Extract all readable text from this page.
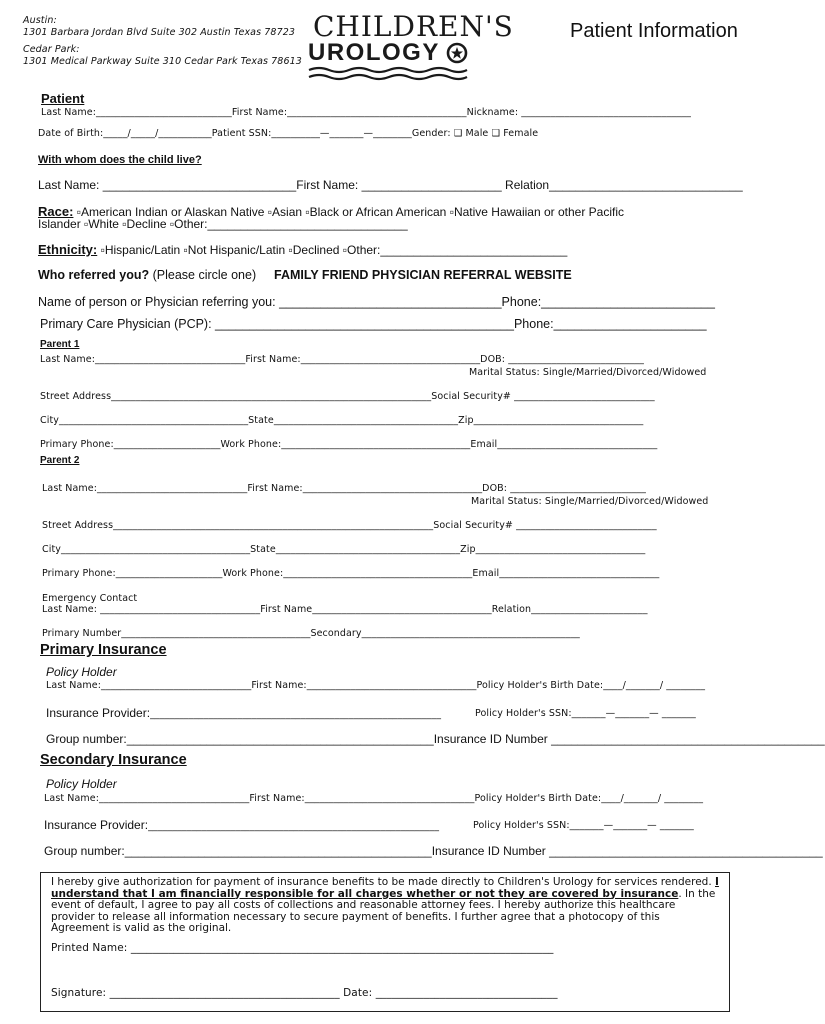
Austin:
1301 Barbara Jordan Blvd Suite 302 Austin Texas 78723
Cedar Park:
1301 Medical Parkway Suite 310 Cedar Park Texas 78613
CHILDREN'S
UROLOGY
Patient Information
Patient
Last Name:____________________________First Name:_____________________________________Nickname: ___________________________________
Date of Birth:_____/_____/___________Patient SSN:__________—_______—________Gender: ❑ Male ❑ Female
With whom does the child live?
Last Name: _____________________________First Name: _____________________ Relation_____________________________
Race: ▫American Indian or Alaskan Native ▫Asian ▫Black or African American ▫Native Hawaiian or other Pacific
Islander ▫White ▫Decline ▫Other:______________________________
Ethnicity: ▫Hispanic/Latin ▫Not Hispanic/Latin ▫Declined ▫Other:____________________________
Who referred you? (Please circle one) FAMILY FRIEND PHYSICIAN REFERRAL WEBSITE
Name of person or Physician referring you: ________________________________Phone:_________________________
Primary Care Physician (PCP): ___________________________________________Phone:______________________
Parent 1
Last Name:_______________________________First Name:_____________________________________DOB: ____________________________
Marital Status: Single/Married/Divorced/Widowed
Street Address__________________________________________________________________Social Security# _____________________________
City_______________________________________State______________________________________Zip___________________________________
Primary Phone:______________________Work Phone:_______________________________________Email_________________________________
Parent 2
Last Name:_______________________________First Name:_____________________________________DOB: ____________________________
Marital Status: Single/Married/Divorced/Widowed
Street Address__________________________________________________________________Social Security# _____________________________
City_______________________________________State______________________________________Zip___________________________________
Primary Phone:______________________Work Phone:_______________________________________Email_________________________________
Emergency Contact
Last Name: _________________________________First Name_____________________________________Relation________________________
Primary Number_______________________________________Secondary_____________________________________________
Primary Insurance
Policy Holder
Last Name:_______________________________First Name:___________________________________Policy Holder's Birth Date:____/_______/ ________
Insurance Provider:____________________________________________________________	Policy Holder's SSN:_______—_______— _______
Group number:______________________________________________Insurance ID Number _________________________________________
Secondary Insurance
Policy Holder
Last Name:_______________________________First Name:___________________________________Policy Holder's Birth Date:____/_______/ ________
Insurance Provider:____________________________________________________________	Policy Holder's SSN:_______—_______— _______
Group number:______________________________________________Insurance ID Number _________________________________________
I hereby give authorization for payment of insurance benefits to be made directly to Children's Urology for services rendered. I understand that I am financially responsible for all charges whether or not they are covered by insurance. In the event of default, I agree to pay all costs of collections and reasonable attorney fees. I hereby authorize this healthcare provider to release all information necessary to secure payment of benefits. I further agree that a photocopy of this Agreement is valid as the original.
Printed Name: _______________________________________________________________________________
Signature: ___________________________________________ Date: __________________________________
